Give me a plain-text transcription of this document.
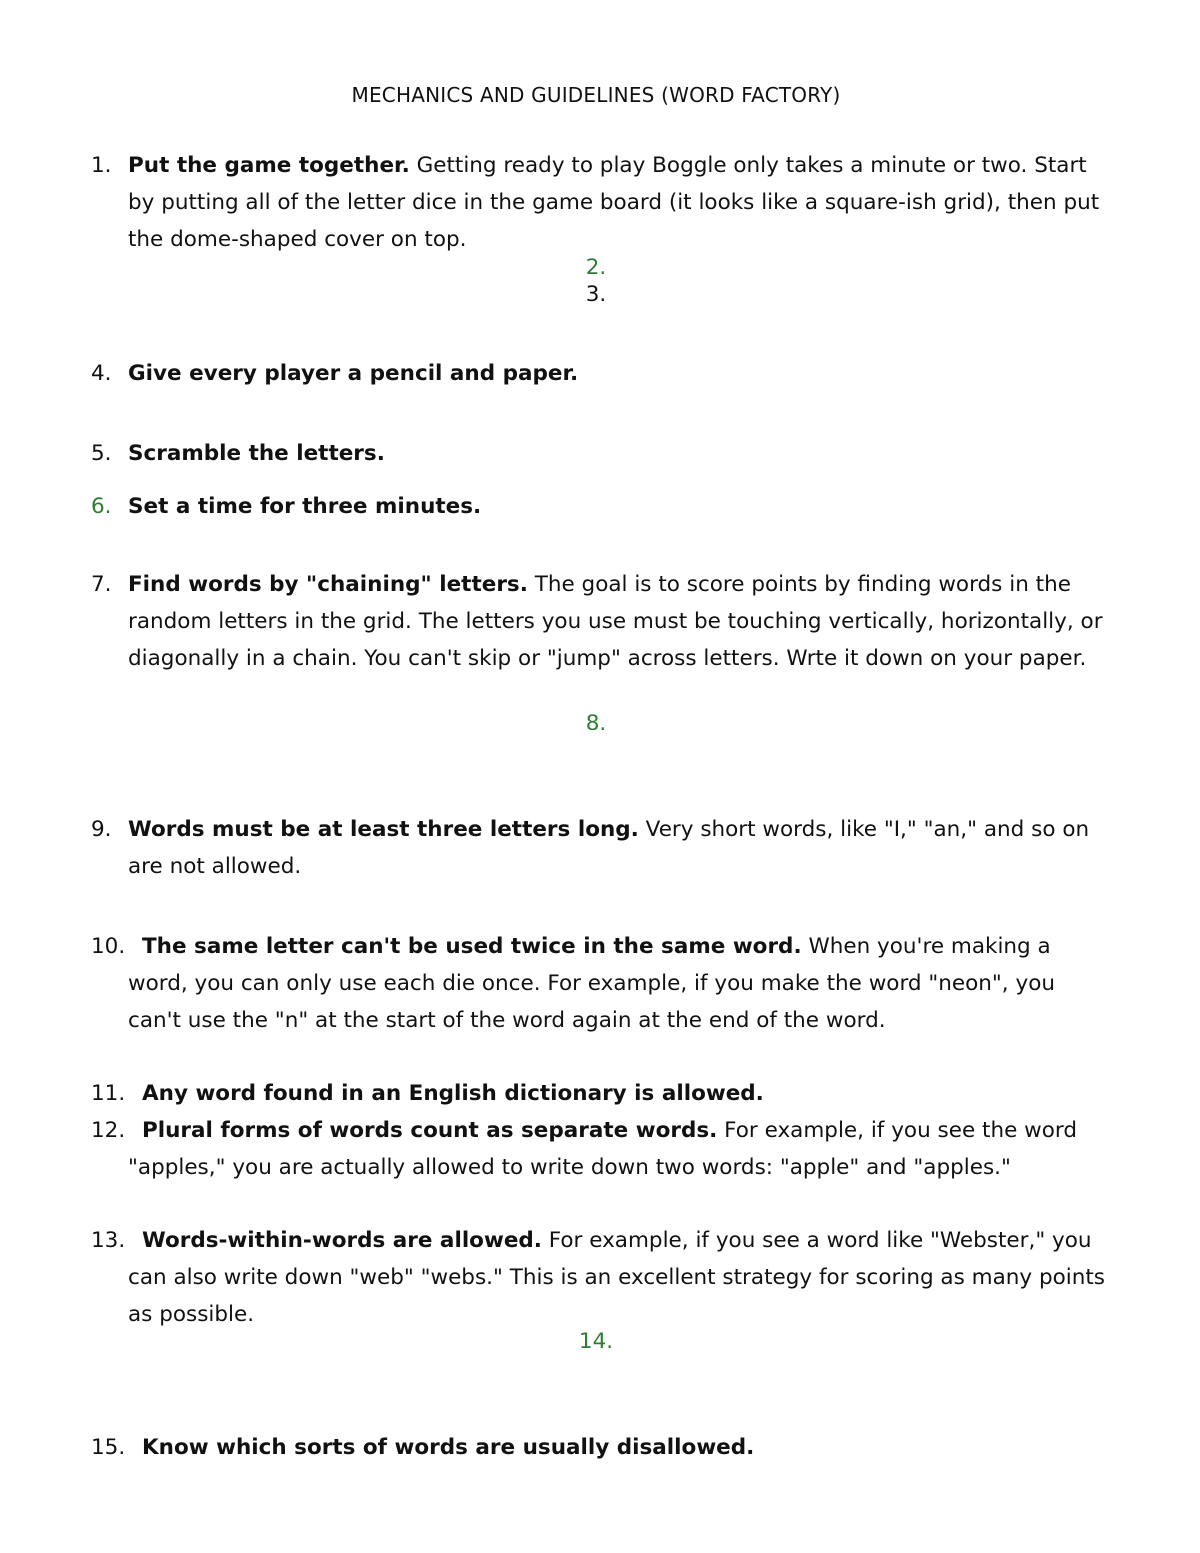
MECHANICS AND GUIDELINES (WORD FACTORY)
1. Put the game together. Getting ready to play Boggle only takes a minute or two. Start by putting all of the letter dice in the game board (it looks like a square-ish grid), then put the dome-shaped cover on top.
2.
3.
4. Give every player a pencil and paper.
5. Scramble the letters.
6. Set a time for three minutes.
7. Find words by "chaining" letters. The goal is to score points by finding words in the random letters in the grid. The letters you use must be touching vertically, horizontally, or diagonally in a chain. You can't skip or "jump" across letters. Wrte it down on your paper.
8.
9. Words must be at least three letters long. Very short words, like "I," "an," and so on are not allowed.
10. The same letter can't be used twice in the same word. When you're making a word, you can only use each die once. For example, if you make the word "neon", you can't use the "n" at the start of the word again at the end of the word.
11. Any word found in an English dictionary is allowed.
12. Plural forms of words count as separate words. For example, if you see the word "apples," you are actually allowed to write down two words: "apple" and "apples."
13. Words-within-words are allowed. For example, if you see a word like "Webster," you can also write down "web" "webs." This is an excellent strategy for scoring as many points as possible.
14.
15. Know which sorts of words are usually disallowed.
